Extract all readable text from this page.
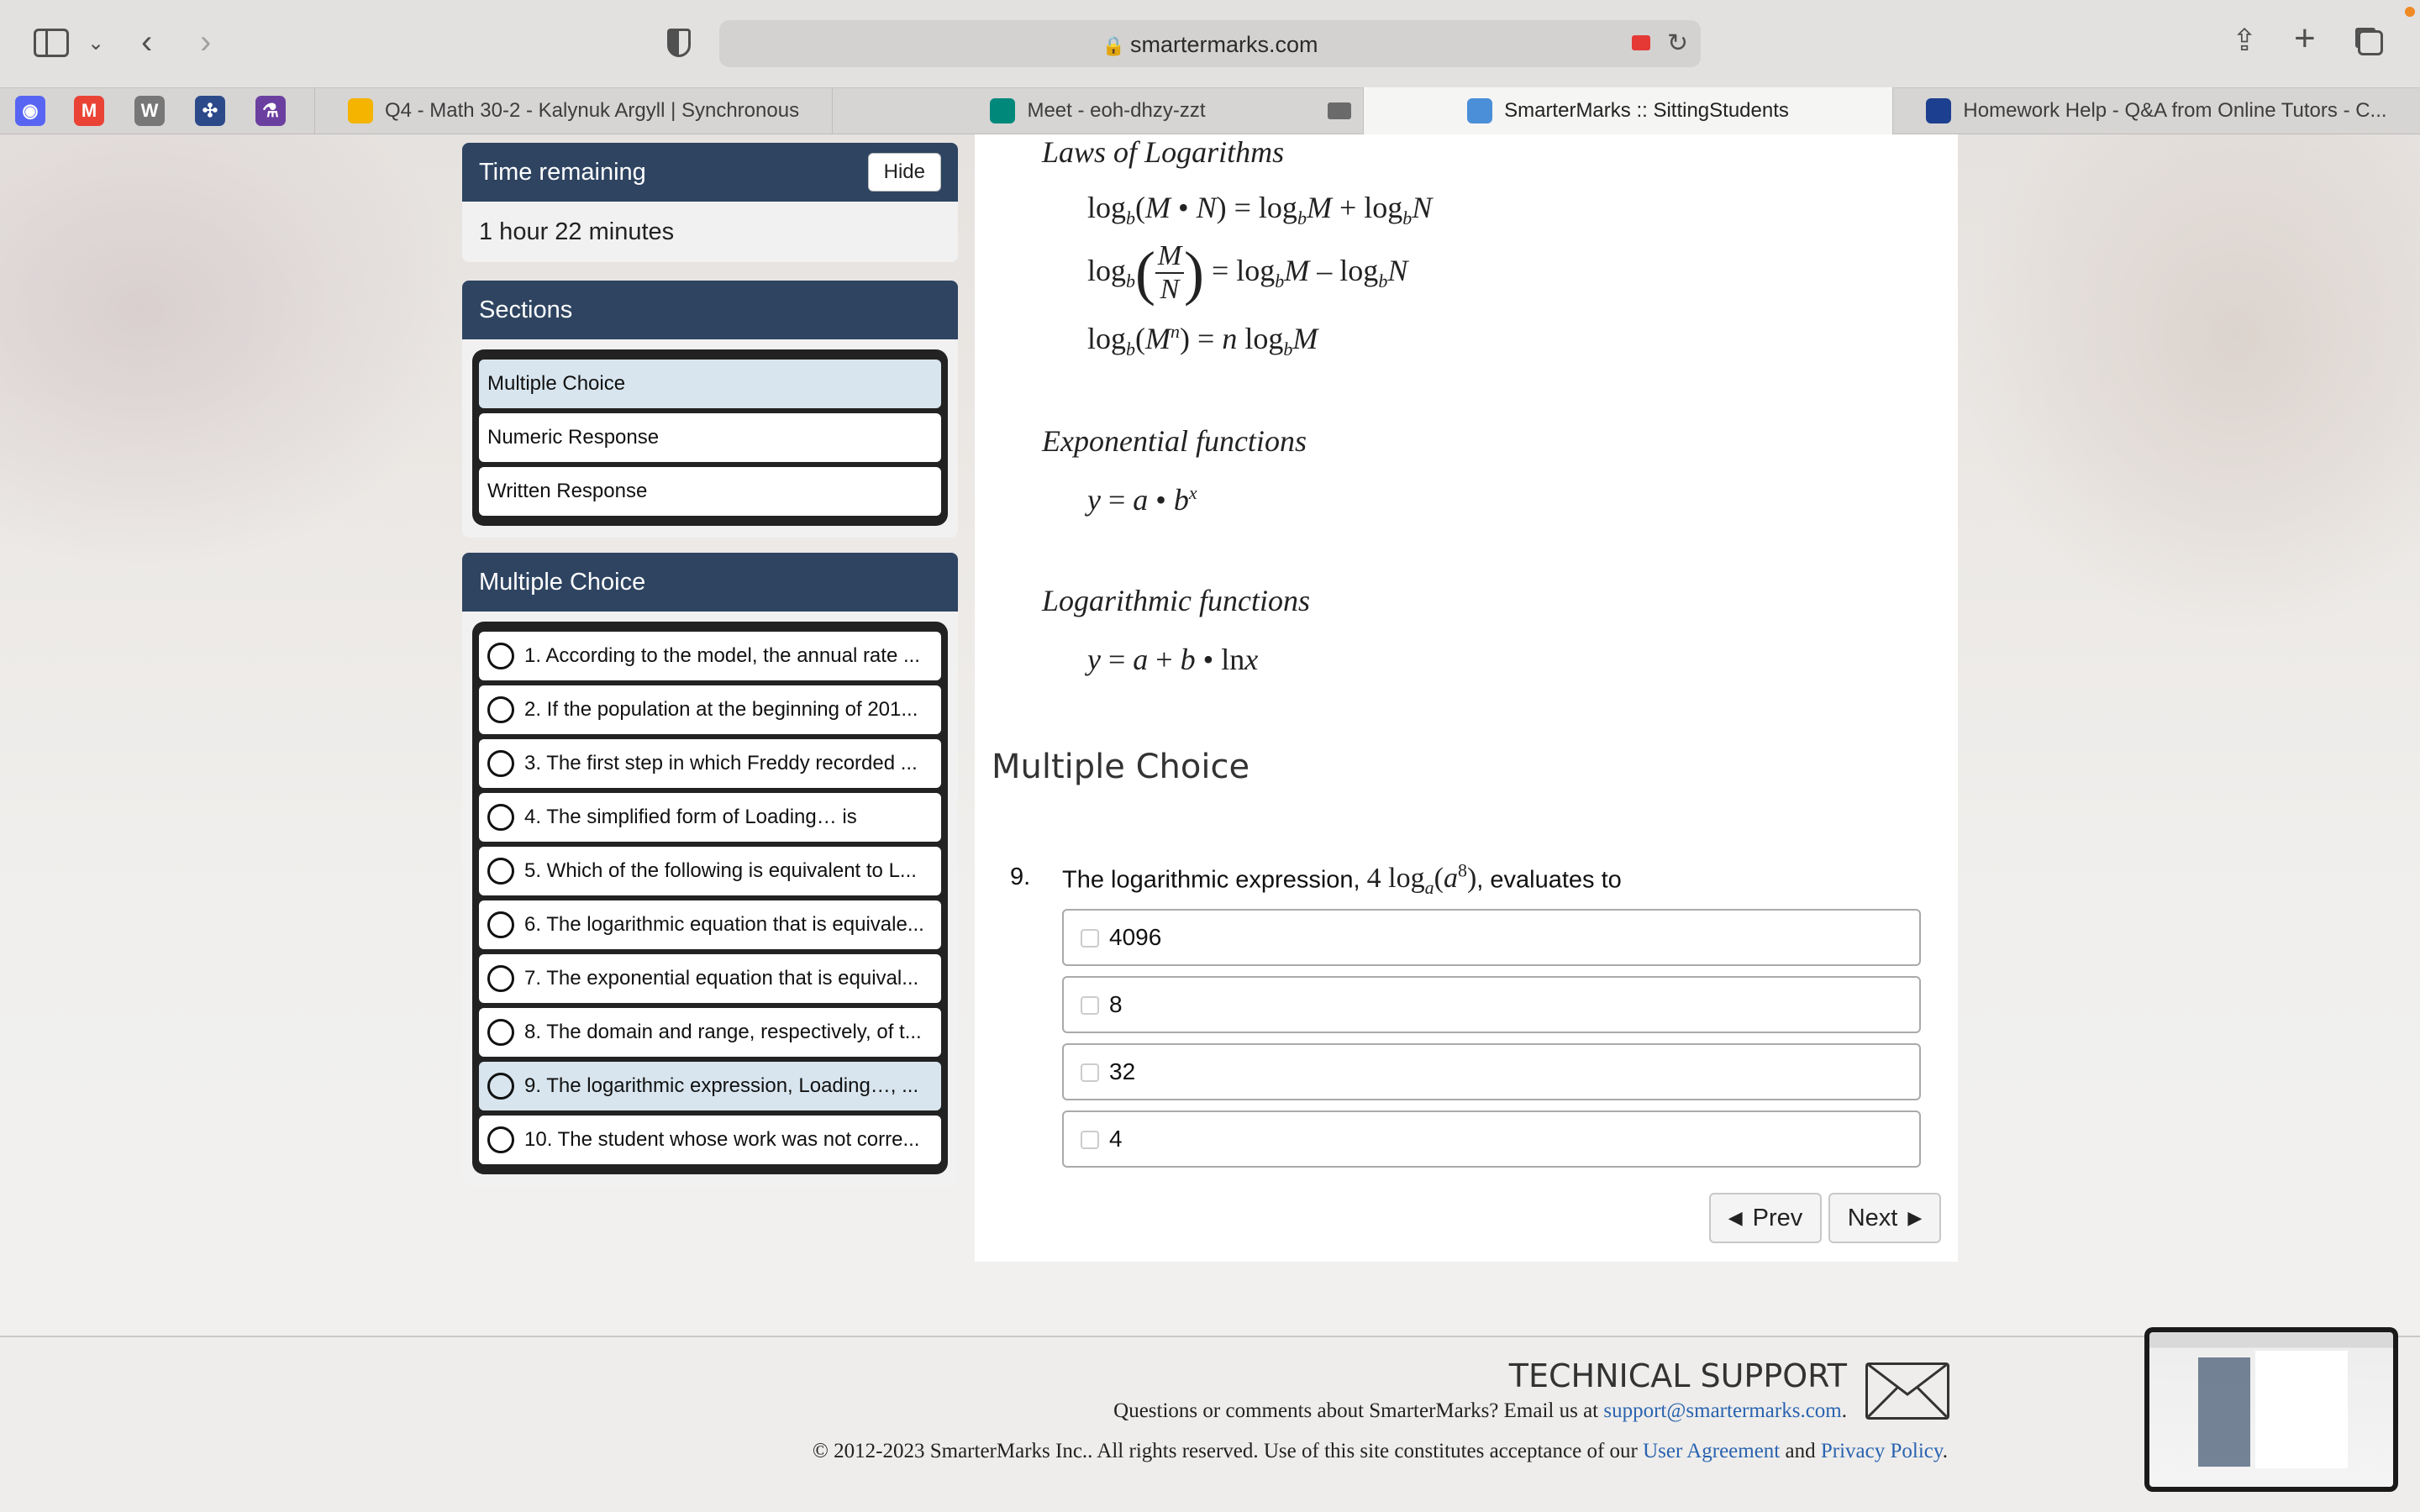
⌄ ‹ ›	🔒 smartermarks.com	↻	⇪ +
◉	M	W	✣	⚗	Q4 - Math 30-2 - Kalynuk Argyll | Synchronous	Meet - eoh-dhzy-zzt	SmarterMarks :: SittingStudents	Homework Help - Q&A from Online Tutors - C...
Time remaining	Hide
1 hour 22 minutes
Sections
Multiple Choice
Numeric Response
Written Response
Multiple Choice
1. According to the model, the annual rate ...
2. If the population at the beginning of 201...
3. The first step in which Freddy recorded ...
4. The simplified form of Loading… is
5. Which of the following is equivalent to L...
6. The logarithmic equation that is equivale...
7. The exponential equation that is equival...
8. The domain and range, respectively, of t...
9. The logarithmic expression, Loading…, ...
10. The student whose work was not corre...
Laws of Logarithms
$\log_b(M$ • $N) = \log_bM + \log_bN$
$\log_b$ ( M
N ) = $\log_bM - \log_bN$
$\log_b(M^n) = n$ $\log_bM$
Exponential functions
y = a • $b^x$
Logarithmic functions
y = a + b • lnx
Multiple Choice
9. The logarithmic expression, 4 $\log_a(a^8)$, evaluates to
4096
8
32
4
◀ Prev Next ▶
TECHNICAL SUPPORT
Questions or comments about SmarterMarks? Email us at support@smartermarks.com.
© 2012-2023 SmarterMarks Inc.. All rights reserved. Use of this site constitutes acceptance of our User Agreement and Privacy Policy.
